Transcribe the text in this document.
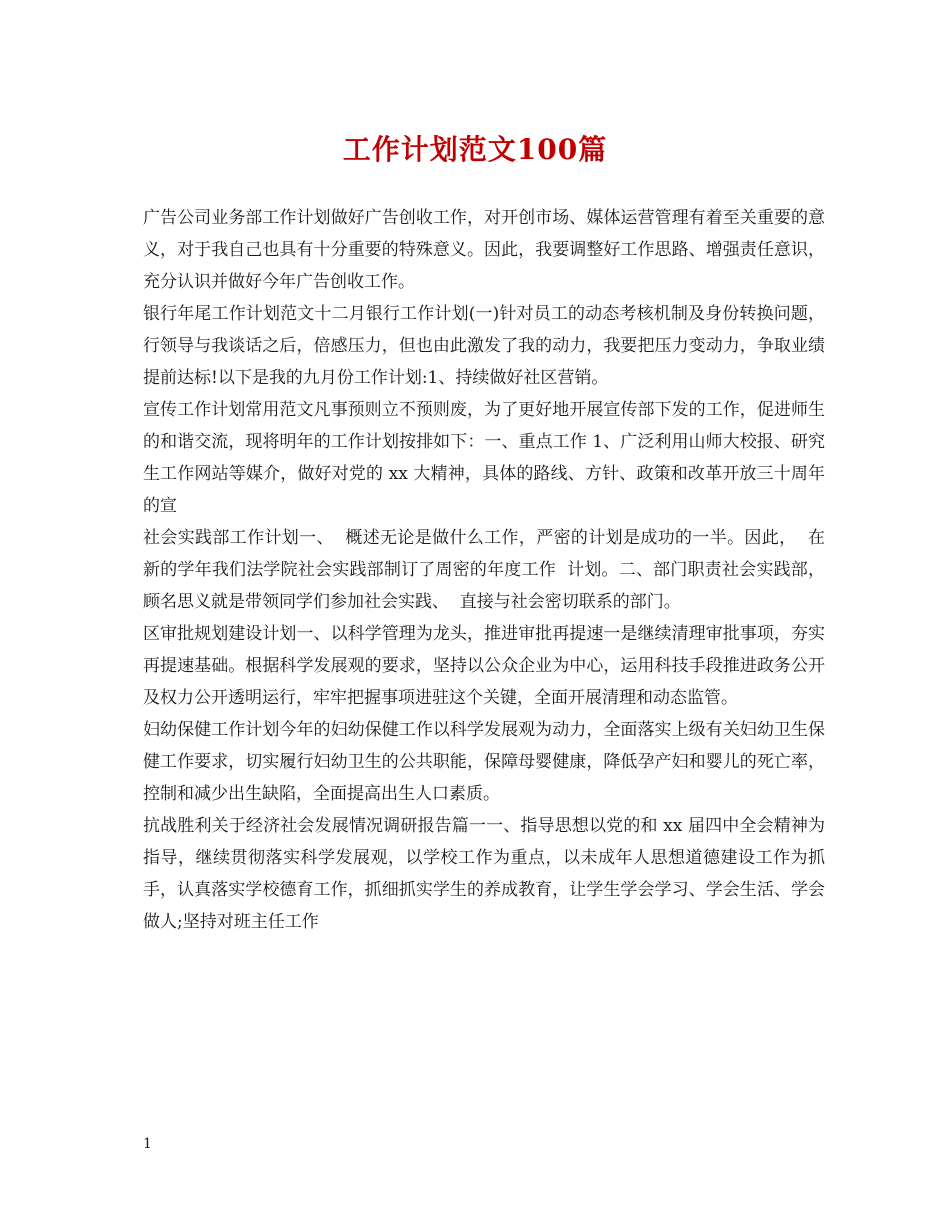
工作计划范文100篇

广告公司业务部工作计划做好广告创收工作，对开创市场、媒体运营管理有着至关重要的意义，对于我自己也具有十分重要的特殊意义。因此，我要调整好工作思路、增强责任意识，充分认识并做好今年广告创收工作。

银行年尾工作计划范文十二月银行工作计划(一)针对员工的动态考核机制及身份转换问题，行领导与我谈话之后，倍感压力，但也由此激发了我的动力，我要把压力变动力，争取业绩提前达标!以下是我的九月份工作计划:1、持续做好社区营销。

宣传工作计划常用范文凡事预则立不预则废，为了更好地开展宣传部下发的工作，促进师生的和谐交流，现将明年的工作计划按排如下：一、重点工作 1、广泛利用山师大校报、研究生工作网站等媒介，做好对党的 xx 大精神，具体的路线、方针、政策和改革开放三十周年的宣

社会实践部工作计划一、  概述无论是做什么工作，严密的计划是成功的一半。因此，  在新的学年我们法学院社会实践部制订了周密的年度工作  计划。二、部门职责社会实践部，顾名思义就是带领同学们参加社会实践、  直接与社会密切联系的部门。

区审批规划建设计划一、以科学管理为龙头，推进审批再提速一是继续清理审批事项，夯实再提速基础。根据科学发展观的要求，坚持以公众企业为中心，运用科技手段推进政务公开及权力公开透明运行，牢牢把握事项进驻这个关键，全面开展清理和动态监管。

妇幼保健工作计划今年的妇幼保健工作以科学发展观为动力，全面落实上级有关妇幼卫生保健工作要求，切实履行妇幼卫生的公共职能，保障母婴健康，降低孕产妇和婴儿的死亡率，控制和减少出生缺陷，全面提高出生人口素质。

抗战胜利关于经济社会发展情况调研报告篇一一、指导思想以党的和 xx 届四中全会精神为指导，继续贯彻落实科学发展观，以学校工作为重点，以未成年人思想道德建设工作为抓手，认真落实学校德育工作，抓细抓实学生的养成教育，让学生学会学习、学会生活、学会做人;坚持对班主任工作

1
